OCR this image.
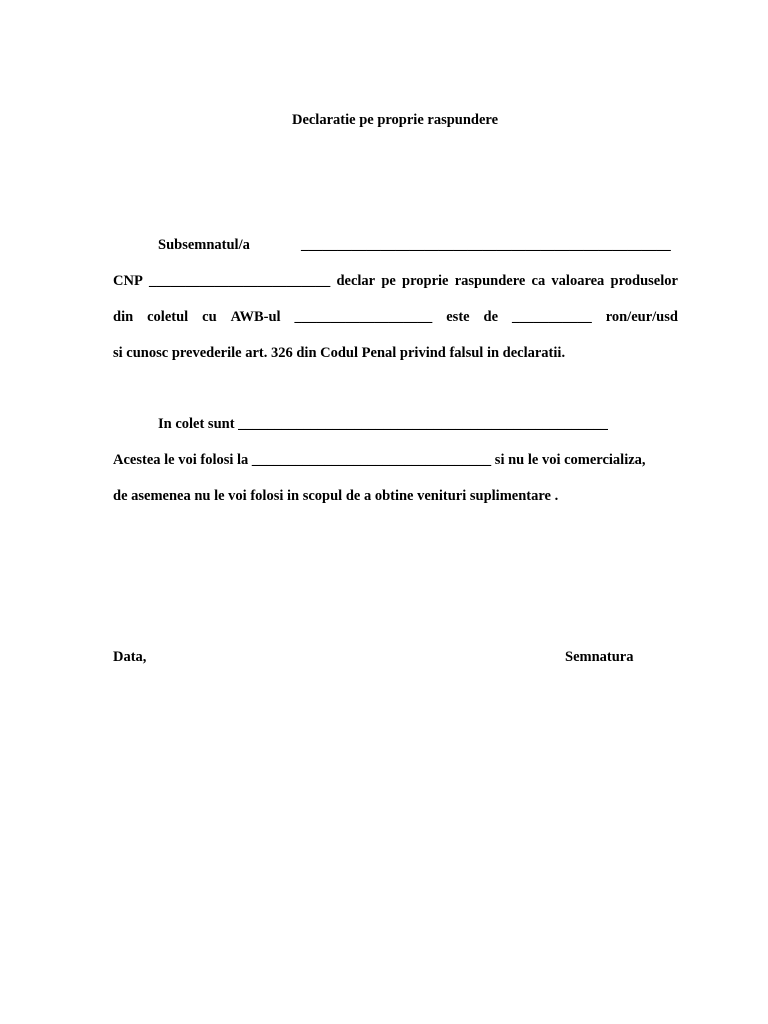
Declaratie pe proprie raspundere
Subsemnatul/a	___________________________________________________
CNP _________________________ declar pe proprie raspundere ca valoarea produselor
din coletul cu AWB-ul ___________________ este de ___________ ron/eur/usd
si cunosc prevederile art. 326 din Codul Penal privind falsul in declaratii.
In colet sunt ___________________________________________________
Acestea le voi folosi la _________________________________ si nu le voi comercializa,
de asemenea nu le voi folosi in scopul de a obtine venituri suplimentare .
Data,	Semnatura
